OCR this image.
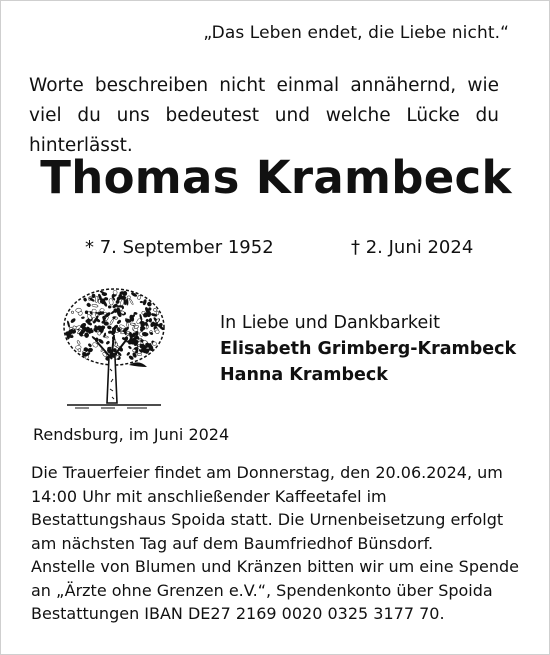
„Das Leben endet, die Liebe nicht.“
Worte beschreiben nicht einmal annähernd, wie viel du uns bedeutest und welche Lücke du hinterlässt.
Thomas Krambeck
* 7. September 1952	† 2. Juni 2024
In Liebe und Dankbarkeit
Elisabeth Grimberg-Krambeck
Hanna Krambeck
Rendsburg, im Juni 2024
Die Trauerfeier findet am Donnerstag, den 20.06.2024, um
14:00 Uhr mit anschließender Kaffeetafel im
Bestattungshaus Spoida statt. Die Urnenbeisetzung erfolgt
am nächsten Tag auf dem Baumfriedhof Bünsdorf.
Anstelle von Blumen und Kränzen bitten wir um eine Spende
an „Ärzte ohne Grenzen e.V.“, Spendenkonto über Spoida
Bestattungen IBAN DE27 2169 0020 0325 3177 70.
